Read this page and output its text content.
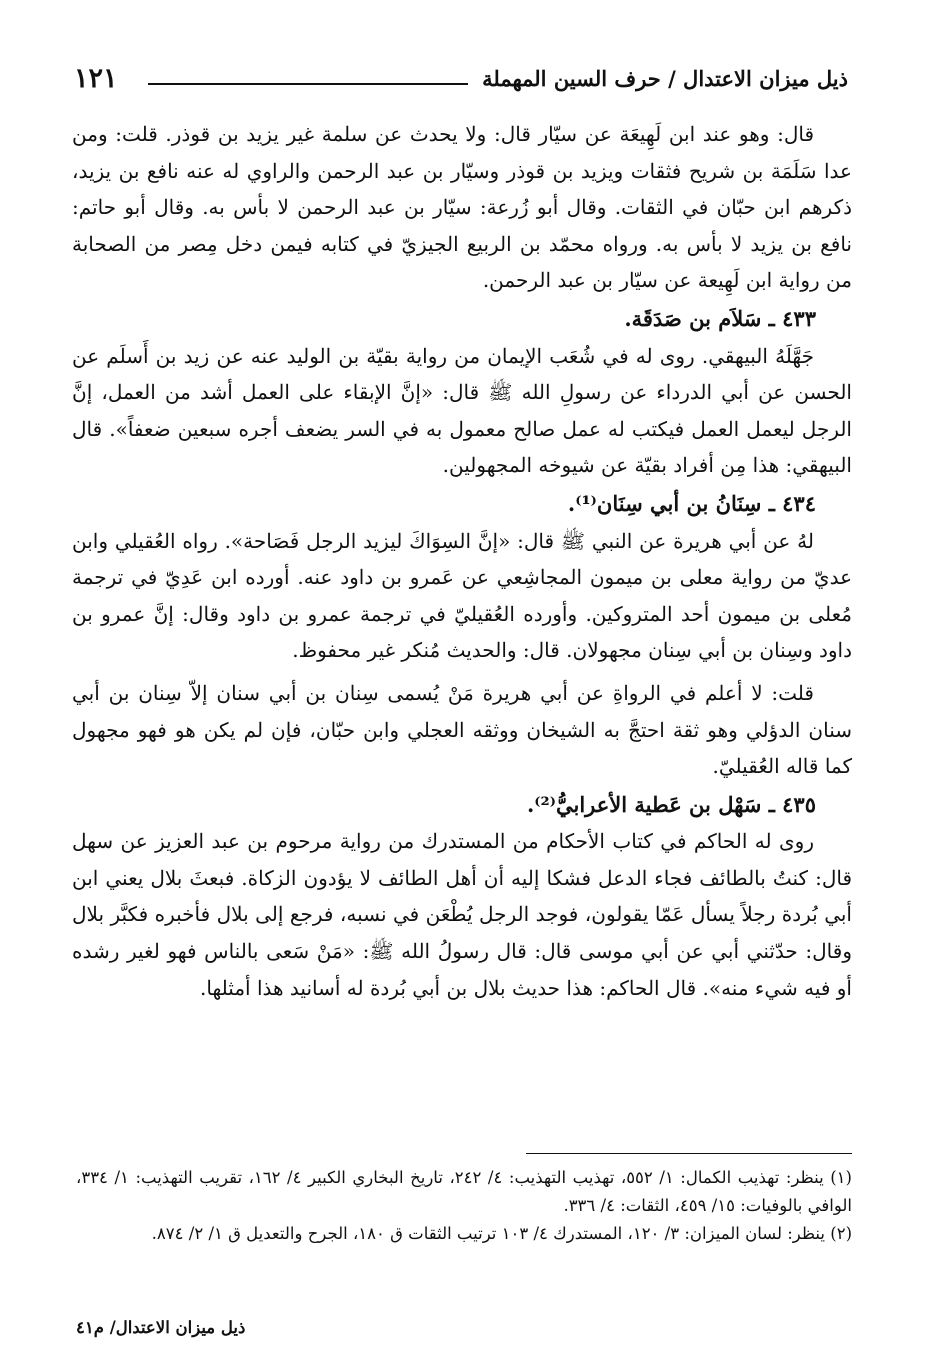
١٢١	ذيل ميزان الاعتدال / حرف السين المهملة

قال: وهو عند ابن لَهِيعَة عن سيّار قال: ولا يحدث عن سلمة غير يزيد بن قوذر. قلت: ومن عدا سَلَمَة بن شريح فثقات ويزيد بن قوذر وسيّار بن عبد الرحمن والراوي له عنه نافع بن يزيد، ذكرهم ابن حبّان في الثقات. وقال أبو زُرعة: سيّار بن عبد الرحمن لا بأس به. وقال أبو حاتم: نافع بن يزيد لا بأس به. ورواه محمّد بن الربيع الجيزيّ في كتابه فيمن دخل مِصر من الصحابة من رواية ابن لَهِيعة عن سيّار بن عبد الرحمن.

٤٣٣ ـ سَلاَم بن صَدَقَة.

جَهَّلَهُ البيهقي. روى له في شُعَب الإيمان من رواية بقيّة بن الوليد عنه عن زيد بن أَسلَم عن الحسن عن أبي الدرداء عن رسولِ الله ﷺ قال: «إنَّ الإبقاء على العمل أشد من العمل، إنَّ الرجل ليعمل العمل فيكتب له عمل صالح معمول به في السر يضعف أجره سبعين ضعفاً». قال البيهقي: هذا مِن أفراد بقيّة عن شيوخه المجهولين.

٤٣٤ ـ سِنَانُ بن أبي سِنَان⁽¹⁾.

لهُ عن أبي هريرة عن النبي ﷺ قال: «إنَّ السِوَاكَ ليزيد الرجل فَصَاحة». رواه العُقيلي وابن عديّ من رواية معلى بن ميمون المجاشِعي عن عَمرو بن داود عنه. أورده ابن عَدِيّ في ترجمة مُعلى بن ميمون أحد المتروكين. وأورده العُقيليّ في ترجمة عمرو بن داود وقال: إنَّ عمرو بن داود وسِنان بن أبي سِنان مجهولان. قال: والحديث مُنكر غير محفوظ.

قلت: لا أعلم في الرواةِ عن أبي هريرة مَنْ يُسمى سِنان بن أبي سنان إلاّ سِنان بن أبي سنان الدؤلي وهو ثقة احتجَّ به الشيخان ووثقه العجلي وابن حبّان، فإن لم يكن هو فهو مجهول كما قاله العُقيليّ.

٤٣٥ ـ سَهْل بن عَطية الأعرابيُّ⁽²⁾.

روى له الحاكم في كتاب الأحكام من المستدرك من رواية مرحوم بن عبد العزيز عن سهل قال: كنتُ بالطائف فجاء الدعل فشكا إليه أن أهل الطائف لا يؤدون الزكاة. فبعثَ بلال يعني ابن أبي بُردة رجلاً يسأل عَمّا يقولون، فوجد الرجل يُطْعَن في نسبه، فرجع إلى بلال فأخبره فكبَّر بلال وقال: حدّثني أبي عن أبي موسى قال: قال رسولُ الله ﷺ: «مَنْ سَعى بالناس فهو لغير رشده أو فيه شيء منه». قال الحاكم: هذا حديث بلال بن أبي بُردة له أسانيد هذا أمثلها.

(١) ينظر: تهذيب الكمال: ١/ ٥٥٢، تهذيب التهذيب: ٤/ ٢٤٢، تاريخ البخاري الكبير ٤/ ١٦٢، تقريب التهذيب: ١/ ٣٣٤، الوافي بالوفيات: ١٥/ ٤٥٩، الثقات: ٤/ ٣٣٦.

(٢) ينظر: لسان الميزان: ٣/ ١٢٠، المستدرك ٤/ ١٠٣ ترتيب الثقات ق ١٨٠، الجرح والتعديل ق ١/ ٢/ ٨٧٤.

ذيل ميزان الاعتدال/ م٤١
